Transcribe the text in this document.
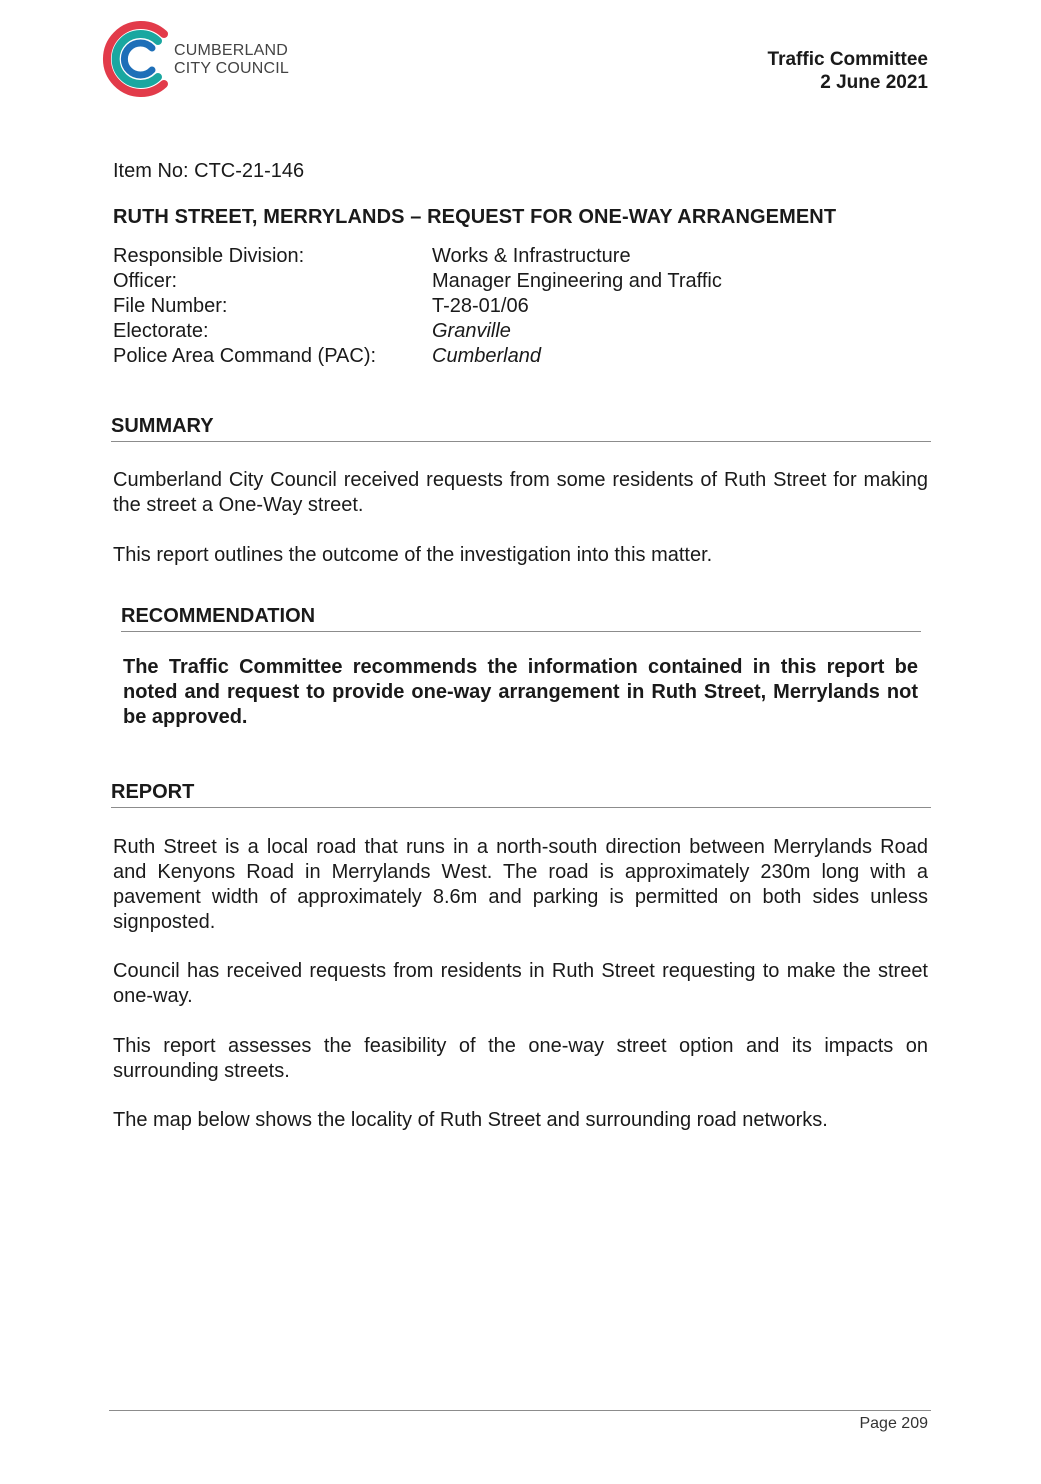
CUMBERLAND
CITY COUNCIL	Traffic Committee
2 June 2021
Item No: CTC-21-146
RUTH STREET, MERRYLANDS – REQUEST FOR ONE-WAY ARRANGEMENT
Responsible Division:	Works & Infrastructure
Officer:	Manager Engineering and Traffic
File Number:	T-28-01/06
Electorate:	Granville
Police Area Command (PAC):	Cumberland
SUMMARY
Cumberland City Council received requests from some residents of Ruth Street for making the street a One-Way street.
This report outlines the outcome of the investigation into this matter.
RECOMMENDATION
The Traffic Committee recommends the information contained in this report be noted and request to provide one-way arrangement in Ruth Street, Merrylands not be approved.
REPORT
Ruth Street is a local road that runs in a north-south direction between Merrylands Road and Kenyons Road in Merrylands West. The road is approximately 230m long with a pavement width of approximately 8.6m and parking is permitted on both sides unless signposted.
Council has received requests from residents in Ruth Street requesting to make the street one-way.
This report assesses the feasibility of the one-way street option and its impacts on surrounding streets.
The map below shows the locality of Ruth Street and surrounding road networks.
Page 209
